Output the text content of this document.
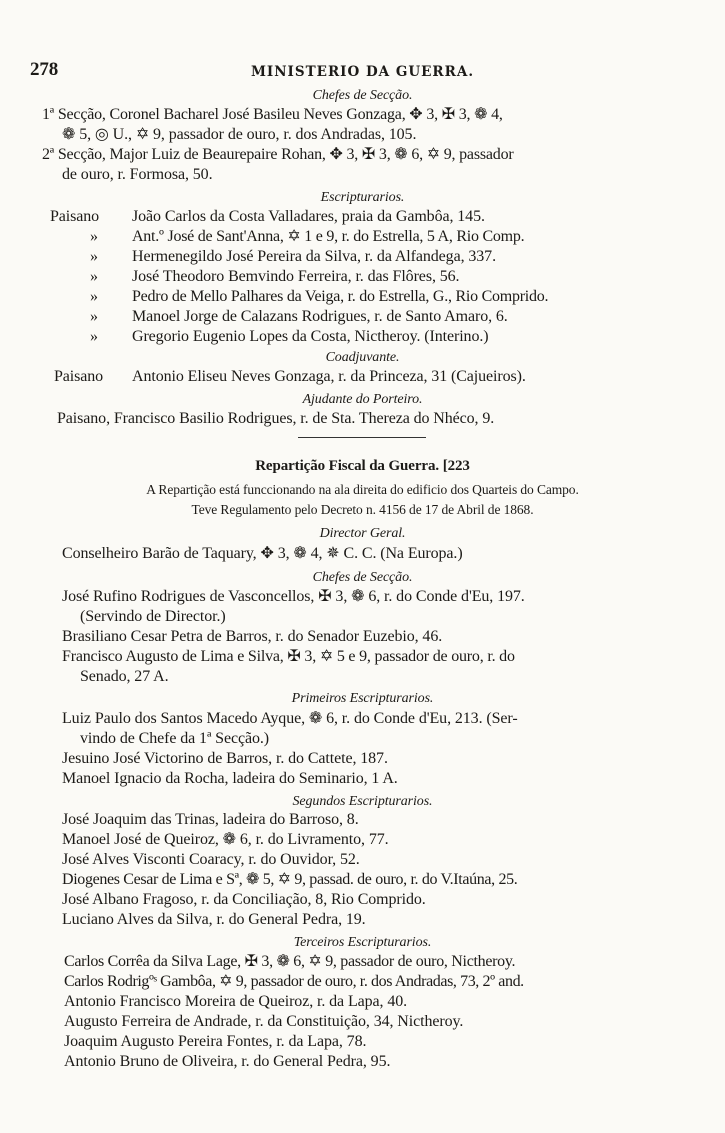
278	MINISTERIO DA GUERRA.
Chefes de Secção.
1ª Secção, Coronel Bacharel José Basileu Neves Gonzaga, ✥ 3, ✠ 3, ❁ 4,
❁ 5, ◎ U., ✡ 9, passador de ouro, r. dos Andradas, 105.
2ª Secção, Major Luiz de Beaurepaire Rohan, ✥ 3, ✠ 3, ❁ 6, ✡ 9, passador
de ouro, r. Formosa, 50.
Escripturarios.
Paisano João Carlos da Costa Valladares, praia da Gambôa, 145.
» Ant.º José de Sant'Anna, ✡ 1 e 9, r. do Estrella, 5 A, Rio Comp.
» Hermenegildo José Pereira da Silva, r. da Alfandega, 337.
» José Theodoro Bemvindo Ferreira, r. das Flôres, 56.
» Pedro de Mello Palhares da Veiga, r. do Estrella, G., Rio Comprido.
» Manoel Jorge de Calazans Rodrigues, r. de Santo Amaro, 6.
» Gregorio Eugenio Lopes da Costa, Nictheroy. (Interino.)
Coadjuvante.
Paisano Antonio Eliseu Neves Gonzaga, r. da Princeza, 31 (Cajueiros).
Ajudante do Porteiro.
Paisano, Francisco Basilio Rodrigues, r. de Sta. Thereza do Nhéco, 9.
Repartição Fiscal da Guerra. [223
A Repartição está funccionando na ala direita do edificio dos Quarteis do Campo.
Teve Regulamento pelo Decreto n. 4156 de 17 de Abril de 1868.
Director Geral.
Conselheiro Barão de Taquary, ✥ 3, ❁ 4, ✵ C. C. (Na Europa.)
Chefes de Secção.
José Rufino Rodrigues de Vasconcellos, ✠ 3, ❁ 6, r. do Conde d'Eu, 197.
(Servindo de Director.)
Brasiliano Cesar Petra de Barros, r. do Senador Euzebio, 46.
Francisco Augusto de Lima e Silva, ✠ 3, ✡ 5 e 9, passador de ouro, r. do
Senado, 27 A.
Primeiros Escripturarios.
Luiz Paulo dos Santos Macedo Ayque, ❁ 6, r. do Conde d'Eu, 213. (Ser-
vindo de Chefe da 1ª Secção.)
Jesuino José Victorino de Barros, r. do Cattete, 187.
Manoel Ignacio da Rocha, ladeira do Seminario, 1 A.
Segundos Escripturarios.
José Joaquim das Trinas, ladeira do Barroso, 8.
Manoel José de Queiroz, ❁ 6, r. do Livramento, 77.
José Alves Visconti Coaracy, r. do Ouvidor, 52.
Diogenes Cesar de Lima e Sª, ❁ 5, ✡ 9, passad. de ouro, r. do V.Itaúna, 25.
José Albano Fragoso, r. da Conciliação, 8, Rio Comprido.
Luciano Alves da Silva, r. do General Pedra, 19.
Terceiros Escripturarios.
Carlos Corrêa da Silva Lage, ✠ 3, ❁ 6, ✡ 9, passador de ouro, Nictheroy.
Carlos Rodrigºˢ Gambôa, ✡ 9, passador de ouro, r. dos Andradas, 73, 2º and.
Antonio Francisco Moreira de Queiroz, r. da Lapa, 40.
Augusto Ferreira de Andrade, r. da Constituição, 34, Nictheroy.
Joaquim Augusto Pereira Fontes, r. da Lapa, 78.
Antonio Bruno de Oliveira, r. do General Pedra, 95.
